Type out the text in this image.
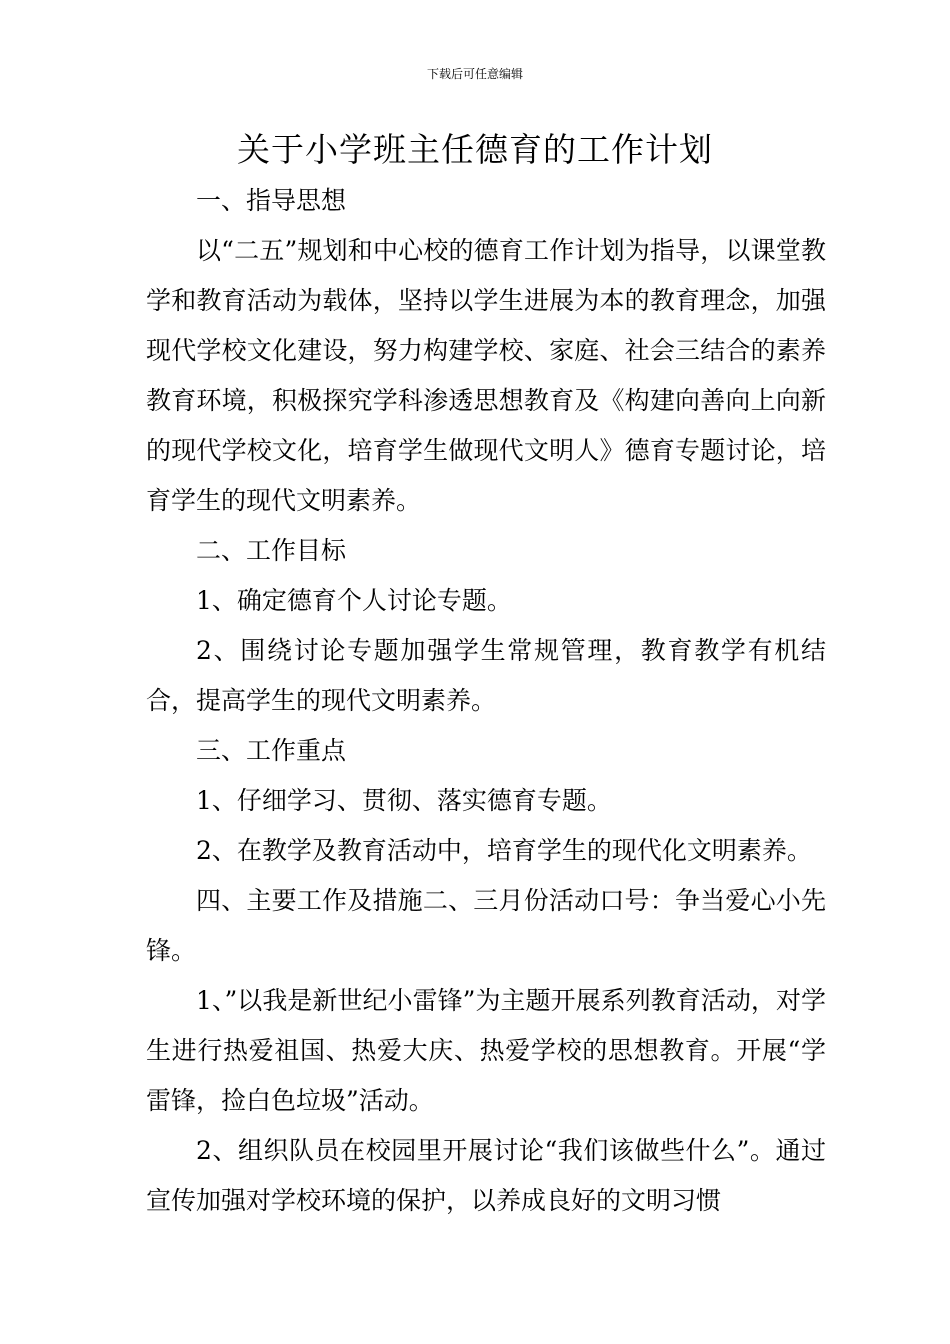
下载后可任意编辑
关于小学班主任德育的工作计划

一、指导思想

以“二五”规划和中心校的德育工作计划为指导，以课堂教学和教育活动为载体，坚持以学生进展为本的教育理念，加强现代学校文化建设，努力构建学校、家庭、社会三结合的素养教育环境，积极探究学科渗透思想教育及《构建向善向上向新的现代学校文化，培育学生做现代文明人》德育专题讨论，培育学生的现代文明素养。

二、工作目标

1、确定德育个人讨论专题。

2、围绕讨论专题加强学生常规管理，教育教学有机结合，提高学生的现代文明素养。

三、工作重点

1、仔细学习、贯彻、落实德育专题。

2、在教学及教育活动中，培育学生的现代化文明素养。

四、主要工作及措施二、三月份活动口号：争当爱心小先锋。

1、”以我是新世纪小雷锋”为主题开展系列教育活动，对学生进行热爱祖国、热爱大庆、热爱学校的思想教育。开展“学雷锋，捡白色垃圾”活动。

2、组织队员在校园里开展讨论“我们该做些什么”。通过宣传加强对学校环境的保护，以养成良好的文明习惯
